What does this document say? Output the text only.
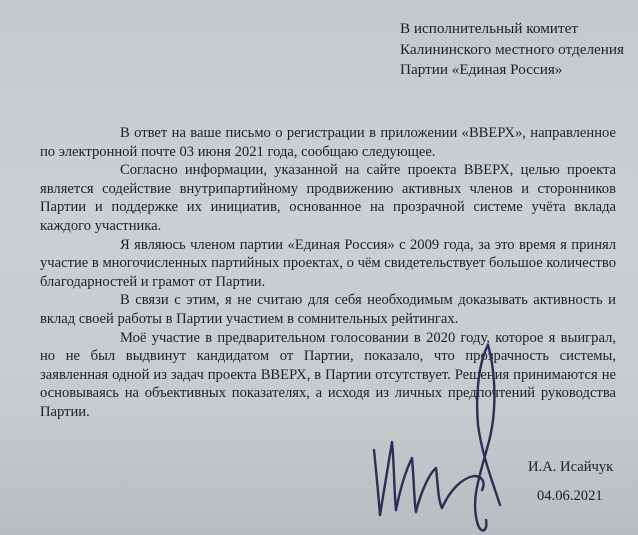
В исполнительный комитет
Калининского местного отделения
Партии «Единая Россия»

В ответ на ваше письмо о регистрации в приложении «ВВЕРХ», направленное по электронной почте 03 июня 2021 года, сообщаю следующее.

Согласно информации, указанной на сайте проекта ВВЕРХ, целью проекта является содействие внутрипартийному продвижению активных членов и сторонников Партии и поддержке их инициатив, основанное на прозрачной системе учёта вклада каждого участника.

Я являюсь членом партии «Единая Россия» с 2009 года, за это время я принял участие в многочисленных партийных проектах, о чём свидетельствует большое количество благодарностей и грамот от Партии.

В связи с этим, я не считаю для себя необходимым доказывать активность и вклад своей работы в Партии участием в сомнительных рейтингах.

Моё участие в предварительном голосовании в 2020 году, которое я выиграл, но не был выдвинут кандидатом от Партии, показало, что прозрачность системы, заявленная одной из задач проекта ВВЕРХ, в Партии отсутствует. Решения принимаются не основываясь на объективных показателях, а исходя из личных предпочтений руководства Партии.

И.А. Исайчук
04.06.2021
